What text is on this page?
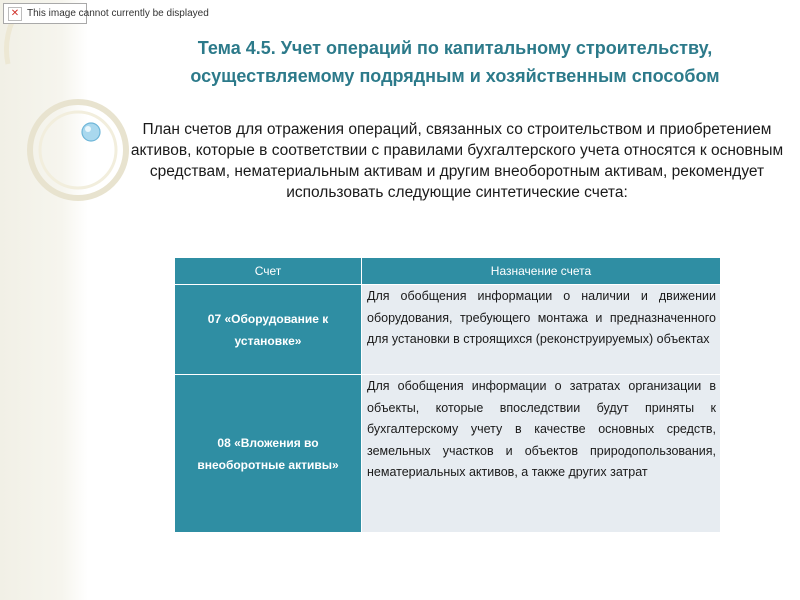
✕ This image cannot currently be displayed
Тема 4.5. Учет операций по капитальному строительству,
осуществляемому подрядным и хозяйственным способом
План счетов для отражения операций, связанных со строительством и приобретением активов, которые в соответствии с правилами бухгалтерского учета относятся к основным средствам, нематериальным активам и другим внеоборотным активам, рекомендует использовать следующие синтетические счета:
Счет	Назначение счета
07 «Оборудование к установке»	Для обобщения информации о наличии и движении оборудования, требующего монтажа и предназначенного для установки в строящихся (реконструируемых) объектах
08 «Вложения во внеоборотные активы»	Для обобщения информации о затратах организации в объекты, которые впоследствии будут приняты к бухгалтерскому учету в качестве основных средств, земельных участков и объектов природопользования, нематериальных активов, а также других затрат
